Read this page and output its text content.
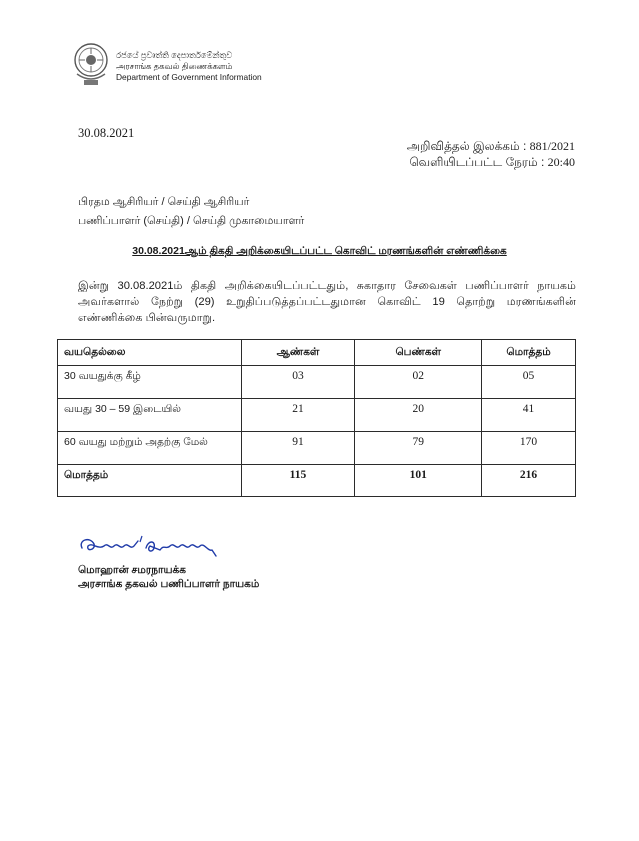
රජයේ ප්‍රවෘත්ති දෙපාර්තමේන්තුව
அரசாங்க தகவல் திணைக்களம்
Department of Government Information
30.08.2021
அறிவித்தல் இலக்கம் : 881/2021
வெளியிடப்பட்ட நேரம் : 20:40
பிரதம ஆசிரியர் / செய்தி ஆசிரியர்
பணிப்பாளர் (செய்தி) / செய்தி முகாமையாளர்
30.08.2021ஆம் திகதி அறிக்கையிடப்பட்ட கொவிட் மரணங்களின் எண்ணிக்கை
இன்று 30.08.2021ம் திகதி அறிக்கையிடப்பட்டதும், சுகாதார சேவைகள் பணிப்பாளர் நாயகம் அவர்களால் நேற்று (29) உறுதிப்படுத்தப்பட்டதுமான கொவிட் 19 தொற்று மரணங்களின் எண்ணிக்கை பின்வருமாறு.
வயதெல்லை	ஆண்கள்	பெண்கள்	மொத்தம்
30 வயதுக்கு கீழ்	03	02	05
வயது 30 – 59 இடையில்	21	20	41
60 வயது மற்றும் அதற்கு மேல்	91	79	170
மொத்தம்	115	101	216
மொஹான் சமரநாயக்க
அரசாங்க தகவல் பணிப்பாளர் நாயகம்
